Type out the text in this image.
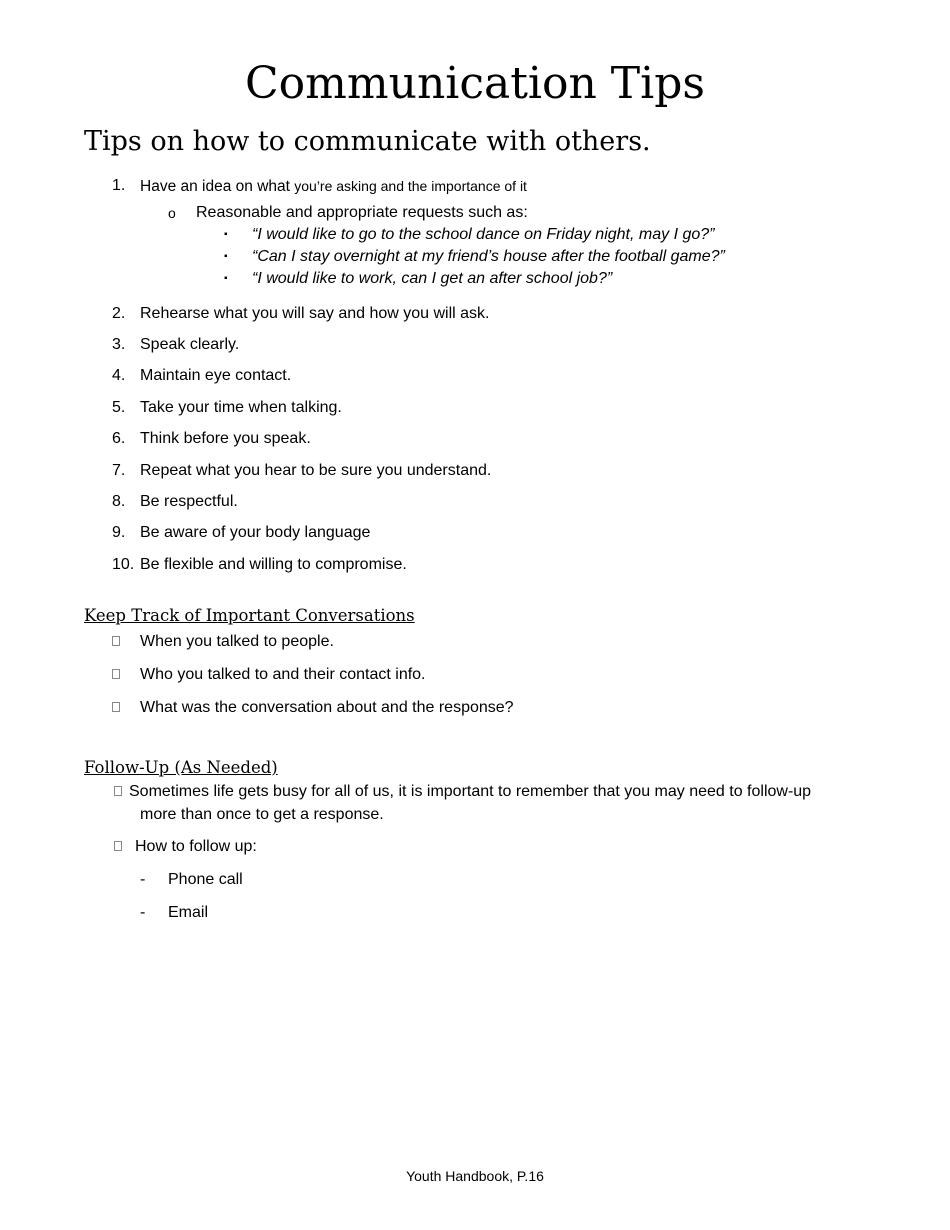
Communication Tips
Tips on how to communicate with others.
1. Have an idea on what you’re asking and the importance of it
o Reasonable and appropriate requests such as:
▪ “I would like to go to the school dance on Friday night, may I go?”
▪ “Can I stay overnight at my friend’s house after the football game?”
▪ “I would like to work, can I get an after school job?”
2. Rehearse what you will say and how you will ask.
3. Speak clearly.
4. Maintain eye contact.
5. Take your time when talking.
6. Think before you speak.
7. Repeat what you hear to be sure you understand.
8. Be respectful.
9. Be aware of your body language
10. Be flexible and willing to compromise.
Keep Track of Important Conversations
When you talked to people.
Who you talked to and their contact info.
What was the conversation about and the response?
Follow-Up (As Needed)
Sometimes life gets busy for all of us, it is important to remember that you may need to follow-up
more than once to get a response.
How to follow up:
- Phone call
- Email
Youth Handbook, P.16
